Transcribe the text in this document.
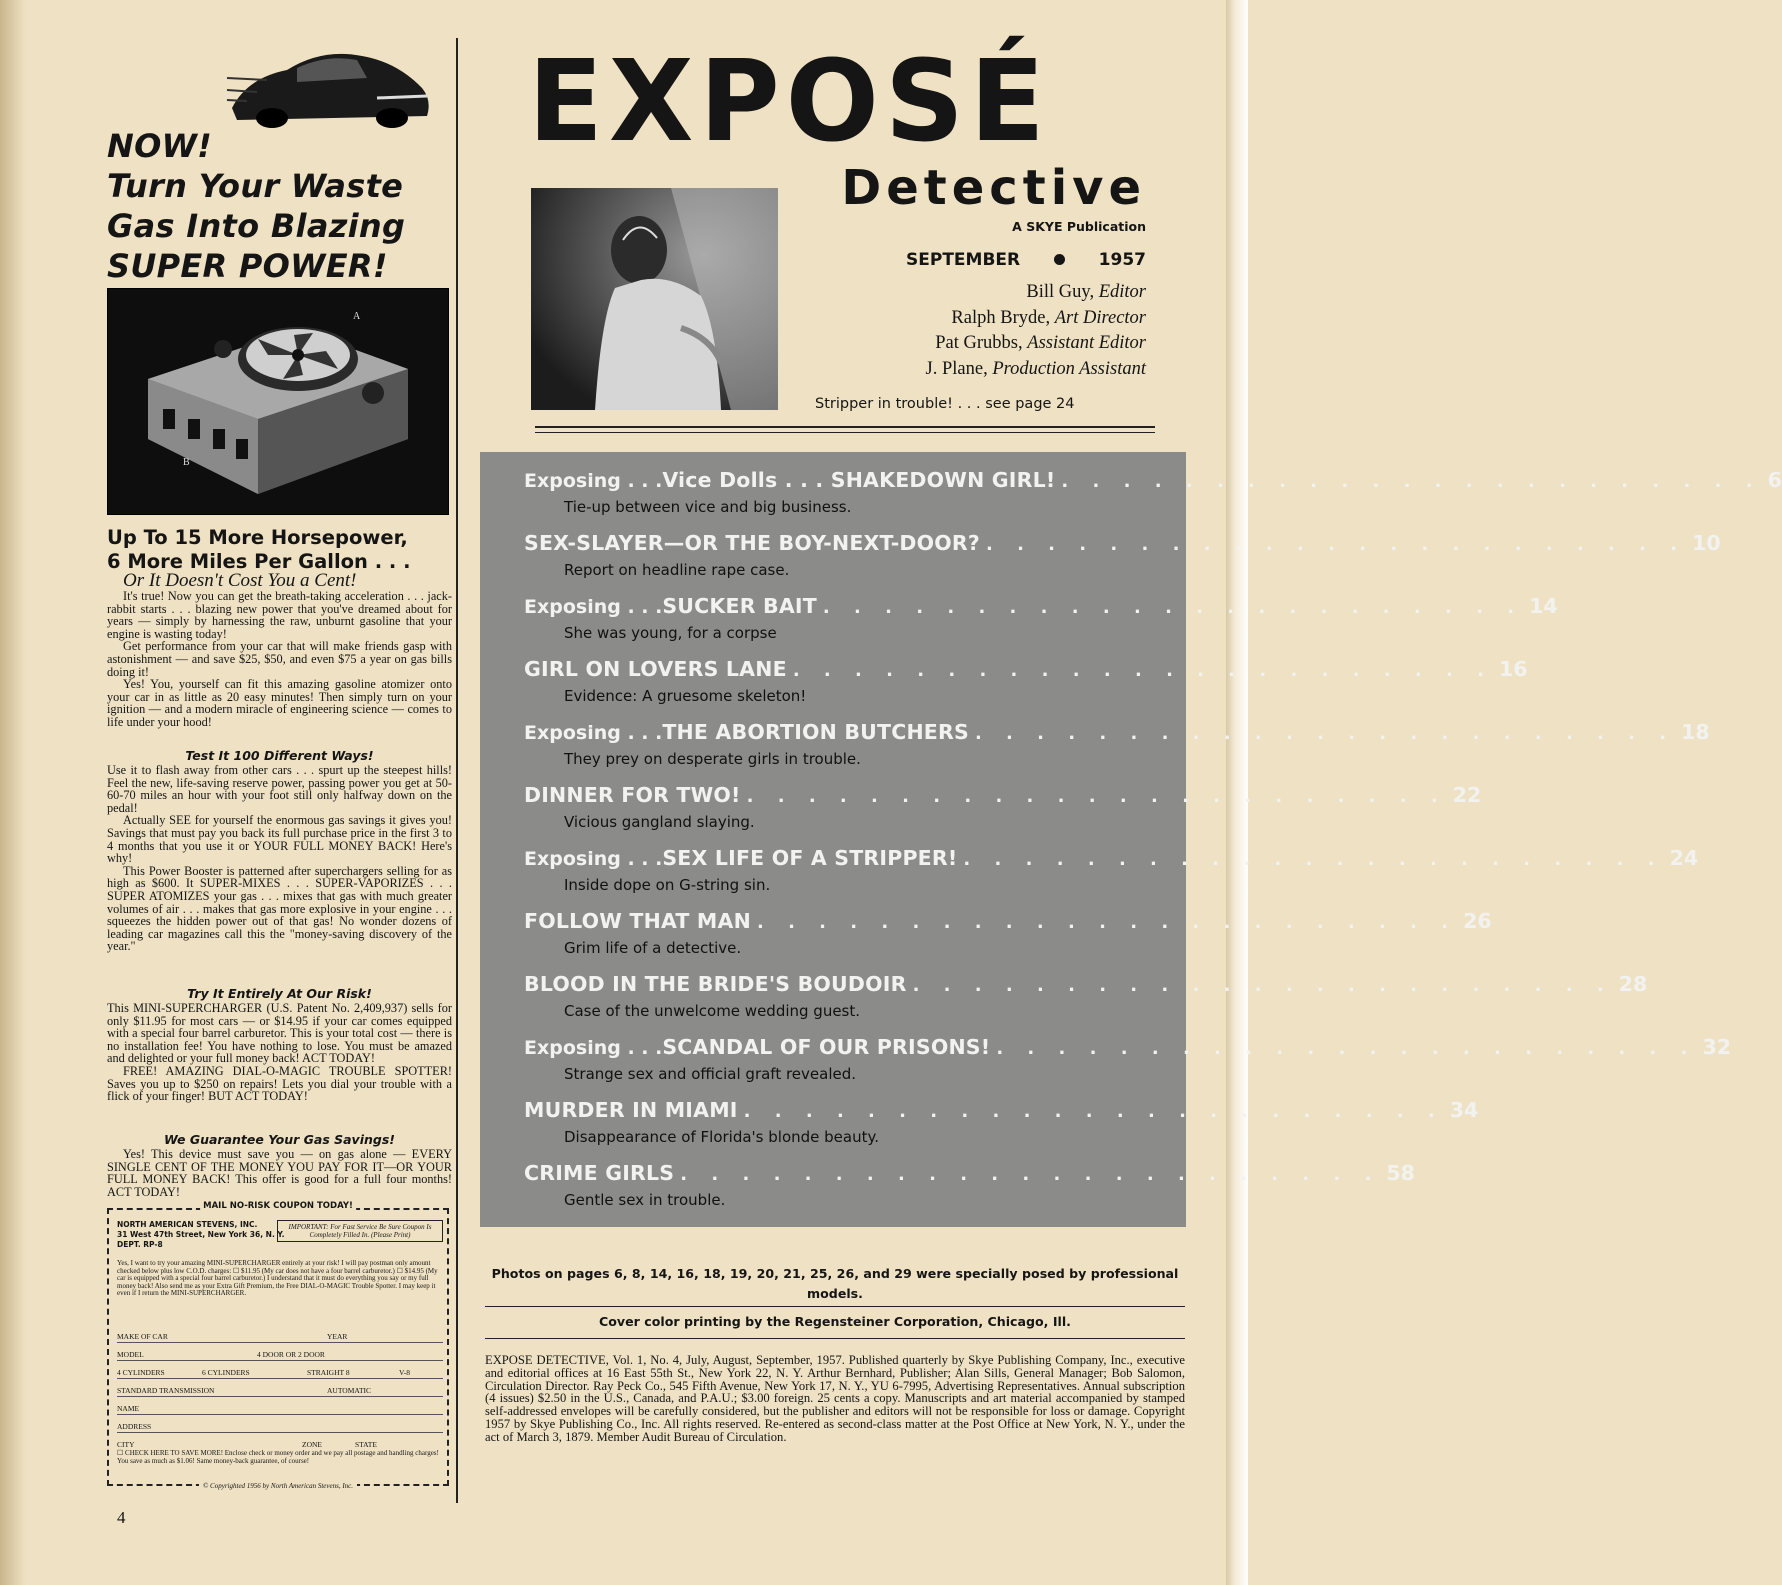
NOW!
Turn Your Waste
Gas Into Blazing
SUPER POWER!
A
B
Up To 15 More Horsepower,
6 More Miles Per Gallon . . .
Or It Doesn't Cost You a Cent!

It's true! Now you can get the breath-taking acceleration . . . jack-rabbit starts . . . blazing new power that you've dreamed about for years — simply by harnessing the raw, unburnt gasoline that your engine is wasting today!

Get performance from your car that will make friends gasp with astonishment — and save $25, $50, and even $75 a year on gas bills doing it!

Yes! You, yourself can fit this amazing gasoline atomizer onto your car in as little as 20 easy minutes! Then simply turn on your ignition — and a modern miracle of engineering science — comes to life under your hood!

Test It 100 Different Ways!

Use it to flash away from other cars . . . spurt up the steepest hills! Feel the new, life-saving reserve power, passing power you get at 50-60-70 miles an hour with your foot still only halfway down on the pedal!

Actually SEE for yourself the enormous gas savings it gives you! Savings that must pay you back its full purchase price in the first 3 to 4 months that you use it or YOUR FULL MONEY BACK! Here's why!

This Power Booster is patterned after superchargers selling for as high as $600. It SUPER-MIXES . . . SUPER-VAPORIZES . . . SUPER ATOMIZES your gas . . . mixes that gas with much greater volumes of air . . . makes that gas more explosive in your engine . . . squeezes the hidden power out of that gas! No wonder dozens of leading car magazines call this the "money-saving discovery of the year."

Try It Entirely At Our Risk!

This MINI-SUPERCHARGER (U.S. Patent No. 2,409,937) sells for only $11.95 for most cars — or $14.95 if your car comes equipped with a special four barrel carburetor. This is your total cost — there is no installation fee! You have nothing to lose. You must be amazed and delighted or your full money back! ACT TODAY!

FREE! AMAZING DIAL-O-MAGIC TROUBLE SPOTTER! Saves you up to $250 on repairs! Lets you dial your trouble with a flick of your finger! BUT ACT TODAY!

We Guarantee Your Gas Savings!

Yes! This device must save you — on gas alone — EVERY SINGLE CENT OF THE MONEY YOU PAY FOR IT—OR YOUR FULL MONEY BACK! This offer is good for a full four months! ACT TODAY!

MAIL NO-RISK COUPON TODAY!
NORTH AMERICAN STEVENS, INC.
31 West 47th Street, New York 36, N. Y.
DEPT. RP-8
IMPORTANT: For Fast Service Be Sure Coupon Is Completely Filled In. (Please Print)
Yes, I want to try your amazing MINI-SUPERCHARGER entirely at your risk! I will pay postman only amount checked below plus low C.O.D. charges: ☐ $11.95 (My car does not have a four barrel carburetor.) ☐ $14.95 (My car is equipped with a special four barrel carburetor.) I understand that it must do everything you say or my full money back! Also send me as your Extra Gift Premium, the Free DIAL-O-MAGIC Trouble Spotter. I may keep it even if I return the MINI-SUPERCHARGER.
MAKE OF CAR	YEAR
MODEL	4 DOOR OR 2 DOOR
4 CYLINDERS	6 CYLINDERS	STRAIGHT 8	V-8
STANDARD TRANSMISSION	AUTOMATIC
NAME
ADDRESS
CITY	ZONE	STATE
☐ CHECK HERE TO SAVE MORE! Enclose check or money order and we pay all postage and handling charges! You save as much as $1.06! Same money-back guarantee, of course!
© Copyrighted 1956 by North American Stevens, Inc.
4
EXPOSÉ
Detective
A SKYE Publication
SEPTEMBER	1957
Bill Guy, Editor
Ralph Bryde, Art Director
Pat Grubbs, Assistant Editor
J. Plane, Production Assistant
Stripper in trouble! . . . see page 24
Exposing . . . Vice Dolls . . . SHAKEDOWN GIRL! . . . . . . . . . . . . . . . . . . . . . . . 6
Tie-up between vice and big business.
SEX-SLAYER—OR THE BOY-NEXT-DOOR? . . . . . . . . . . . . . . . . . . . . . . . 10
Report on headline rape case.
Exposing . . . SUCKER BAIT . . . . . . . . . . . . . . . . . . . . . . . 14
She was young, for a corpse
GIRL ON LOVERS LANE . . . . . . . . . . . . . . . . . . . . . . . 16
Evidence: A gruesome skeleton!
Exposing . . . THE ABORTION BUTCHERS . . . . . . . . . . . . . . . . . . . . . . . 18
They prey on desperate girls in trouble.
DINNER FOR TWO! . . . . . . . . . . . . . . . . . . . . . . . 22
Vicious gangland slaying.
Exposing . . . SEX LIFE OF A STRIPPER! . . . . . . . . . . . . . . . . . . . . . . . 24
Inside dope on G-string sin.
FOLLOW THAT MAN . . . . . . . . . . . . . . . . . . . . . . . 26
Grim life of a detective.
BLOOD IN THE BRIDE'S BOUDOIR . . . . . . . . . . . . . . . . . . . . . . . 28
Case of the unwelcome wedding guest.
Exposing . . . SCANDAL OF OUR PRISONS! . . . . . . . . . . . . . . . . . . . . . . . 32
Strange sex and official graft revealed.
MURDER IN MIAMI . . . . . . . . . . . . . . . . . . . . . . . 34
Disappearance of Florida's blonde beauty.
CRIME GIRLS . . . . . . . . . . . . . . . . . . . . . . . 58
Gentle sex in trouble.
Photos on pages 6, 8, 14, 16, 18, 19, 20, 21, 25, 26, and 29 were specially posed by professional models.
Cover color printing by the Regensteiner Corporation, Chicago, Ill.
EXPOSE DETECTIVE, Vol. 1, No. 4, July, August, September, 1957. Published quarterly by Skye Publishing Company, Inc., executive and editorial offices at 16 East 55th St., New York 22, N. Y. Arthur Bernhard, Publisher; Alan Sills, General Manager; Bob Salomon, Circulation Director. Ray Peck Co., 545 Fifth Avenue, New York 17, N. Y., YU 6-7995, Advertising Representatives. Annual subscription (4 issues) $2.50 in the U.S., Canada, and P.A.U.; $3.00 foreign. 25 cents a copy. Manuscripts and art material accompanied by stamped self-addressed envelopes will be carefully considered, but the publisher and editors will not be responsible for loss or damage. Copyright 1957 by Skye Publishing Co., Inc. All rights reserved. Re-entered as second-class matter at the Post Office at New York, N. Y., under the act of March 3, 1879. Member Audit Bureau of Circulation.
